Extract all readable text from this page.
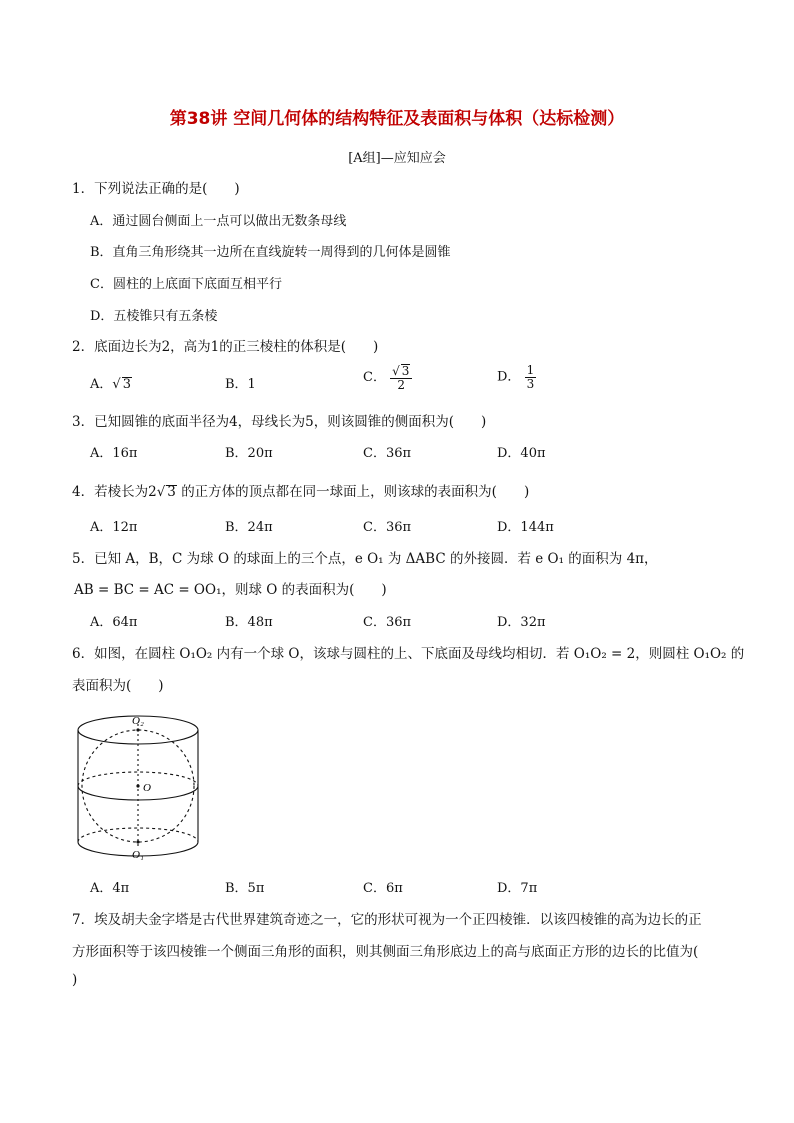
第38讲 空间几何体的结构特征及表面积与体积（达标检测）
[A组]—应知应会
1．下列说法正确的是(　　)
A．通过圆台侧面上一点可以做出无数条母线
B．直角三角形绕其一边所在直线旋转一周得到的几何体是圆锥
C．圆柱的上底面下底面互相平行
D．五棱锥只有五条棱
2．底面边长为2，高为1的正三棱柱的体积是(　　)
A．√ 3	B．1	C． $\frac{√ 3}{2}$	D． $\frac{1}{3}$
3．已知圆锥的底面半径为4，母线长为5，则该圆锥的侧面积为(　　)
A．16π	B．20π	C．36π	D．40π
4．若棱长为2√ 3 的正方体的顶点都在同一球面上，则该球的表面积为(　　)
A．12π	B．24π	C．36π	D．144π
5．已知 A，B，C 为球 O 的球面上的三个点，e O₁ 为 ΔABC 的外接圆．若 e O₁ 的面积为 4π，
AB = BC = AC = OO₁，则球 O 的表面积为(　　)
A．64π	B．48π	C．36π	D．32π
6．如图，在圆柱 O₁O₂ 内有一个球 O，该球与圆柱的上、下底面及母线均相切．若 O₁O₂ = 2，则圆柱 O₁O₂ 的
表面积为(　　)
O₂
O
O₁
A．4π	B．5π	C．6π	D．7π
7．埃及胡夫金字塔是古代世界建筑奇迹之一，它的形状可视为一个正四棱锥．以该四棱锥的高为边长的正
方形面积等于该四棱锥一个侧面三角形的面积，则其侧面三角形底边上的高与底面正方形的边长的比值为(
)
